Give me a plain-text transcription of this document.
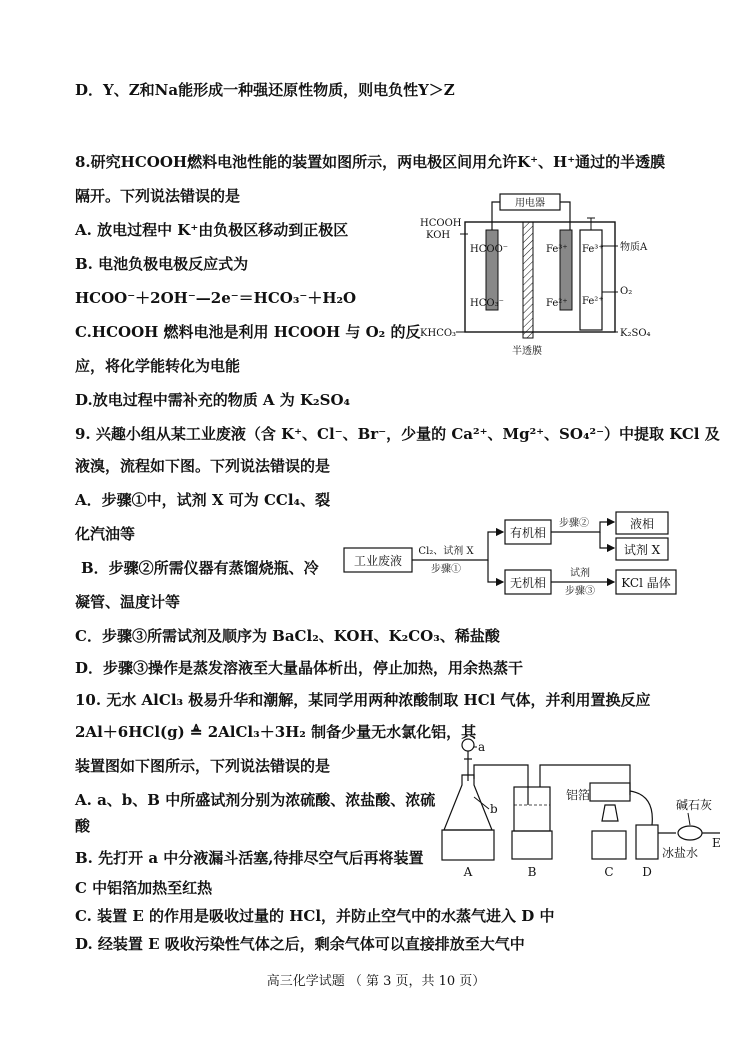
D．Y、Z和Na能形成一种强还原性物质，则电负性Y＞Z
8.研究HCOOH燃料电池性能的装置如图所示，两电极区间用允许K⁺、H⁺通过的半透膜
隔开。下列说法错误的是
A. 放电过程中 K⁺由负极区移动到正极区
B. 电池负极电极反应式为
HCOO⁻＋2OH⁻—2e⁻＝HCO₃⁻＋H₂O
C.HCOOH 燃料电池是利用 HCOOH 与 O₂ 的反
应，将化学能转化为电能
D.放电过程中需补充的物质 A 为 K₂SO₄
用电器
HCOOH
KOH
HCOO⁻
HCO₃⁻
Fe³⁺
Fe²⁺
Fe³⁺
Fe²⁺
物质A
O₂
KHCO₃	K₂SO₄
半透膜
9. 兴趣小组从某工业废液（含 K⁺、Cl⁻、Br⁻，少量的 Ca²⁺、Mg²⁺、SO₄²⁻）中提取 KCl 及
液溴，流程如下图。下列说法错误的是
A．步骤①中，试剂 X 可为 CCl₄、裂
化汽油等
B．步骤②所需仪器有蒸馏烧瓶、冷
凝管、温度计等
C．步骤③所需试剂及顺序为 BaCl₂、KOH、K₂CO₃、稀盐酸
D．步骤③操作是蒸发溶液至大量晶体析出，停止加热，用余热蒸干
工业废液
Cl₂、试剂 X
步骤①
有机相
无机相
步骤②	液相
试剂 X
试剂
步骤③
KCl 晶体
10. 无水 AlCl₃ 极易升华和潮解，某同学用两种浓酸制取 HCl 气体，并利用置换反应
2Al＋6HCl(g) ≜ 2AlCl₃＋3H₂ 制备少量无水氯化铝，其
装置图如下图所示，下列说法错误的是
A. a、b、B 中所盛试剂分别为浓硫酸、浓盐酸、浓硫
酸
B. 先打开 a 中分液漏斗活塞,待排尽空气后再将装置
C 中铝箔加热至红热
C. 装置 E 的作用是吸收过量的 HCl，并防止空气中的水蒸气进入 D 中
D. 经装置 E 吸收污染性气体之后，剩余气体可以直接排放至大气中
a
b
A	B
铝箔
C D
冰盐水
碱石灰
E
高三化学试题 （ 第 3 页，共 10 页）
